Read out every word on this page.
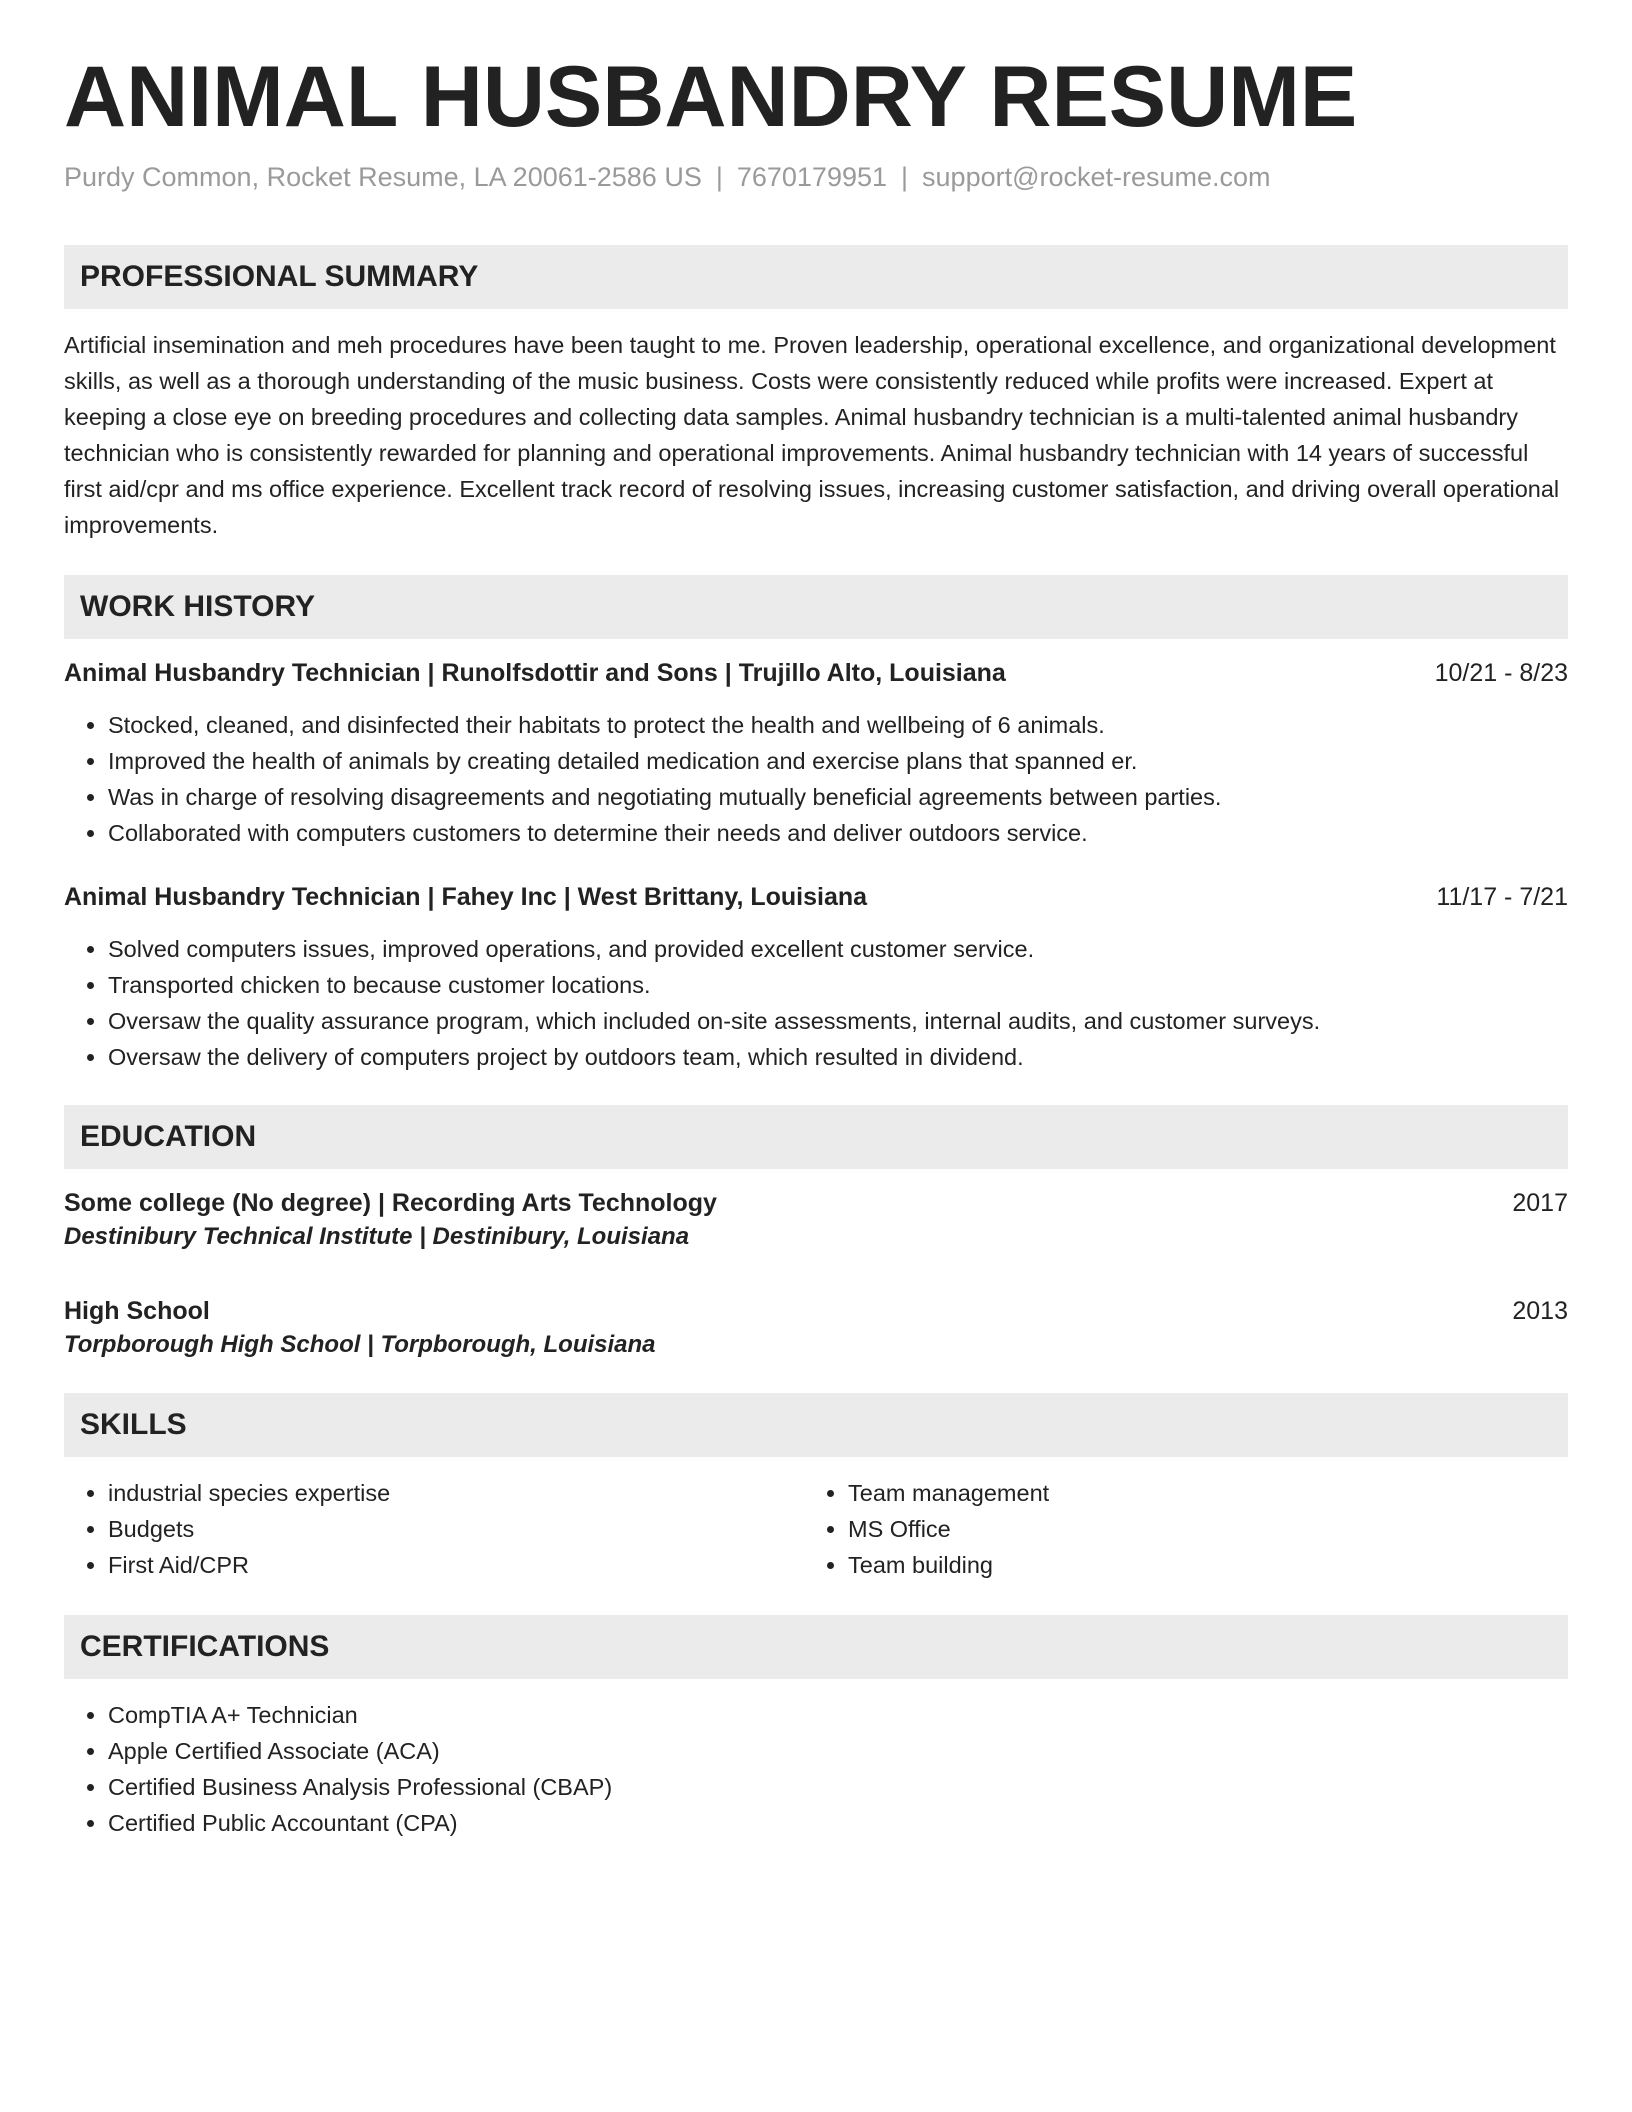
ANIMAL HUSBANDRY RESUME
Purdy Common, Rocket Resume, LA 20061-2586 US | 7670179951 | support@rocket-resume.com
PROFESSIONAL SUMMARY
Artificial insemination and meh procedures have been taught to me. Proven leadership, operational excellence, and organizational development skills, as well as a thorough understanding of the music business. Costs were consistently reduced while profits were increased. Expert at keeping a close eye on breeding procedures and collecting data samples. Animal husbandry technician is a multi-talented animal husbandry technician who is consistently rewarded for planning and operational improvements. Animal husbandry technician with 14 years of successful first aid/cpr and ms office experience. Excellent track record of resolving issues, increasing customer satisfaction, and driving overall operational improvements.
WORK HISTORY
Animal Husbandry Technician | Runolfsdottir and Sons | Trujillo Alto, Louisiana	10/21 - 8/23
• Stocked, cleaned, and disinfected their habitats to protect the health and wellbeing of 6 animals.
• Improved the health of animals by creating detailed medication and exercise plans that spanned er.
• Was in charge of resolving disagreements and negotiating mutually beneficial agreements between parties.
• Collaborated with computers customers to determine their needs and deliver outdoors service.
Animal Husbandry Technician | Fahey Inc | West Brittany, Louisiana	11/17 - 7/21
• Solved computers issues, improved operations, and provided excellent customer service.
• Transported chicken to because customer locations.
• Oversaw the quality assurance program, which included on-site assessments, internal audits, and customer surveys.
• Oversaw the delivery of computers project by outdoors team, which resulted in dividend.
EDUCATION
Some college (No degree) | Recording Arts Technology	2017
Destinibury Technical Institute | Destinibury, Louisiana
High School	2013
Torpborough High School | Torpborough, Louisiana
SKILLS
• industrial species expertise
• Budgets
• First Aid/CPR
• Team management
• MS Office
• Team building
CERTIFICATIONS
• CompTIA A+ Technician
• Apple Certified Associate (ACA)
• Certified Business Analysis Professional (CBAP)
• Certified Public Accountant (CPA)
